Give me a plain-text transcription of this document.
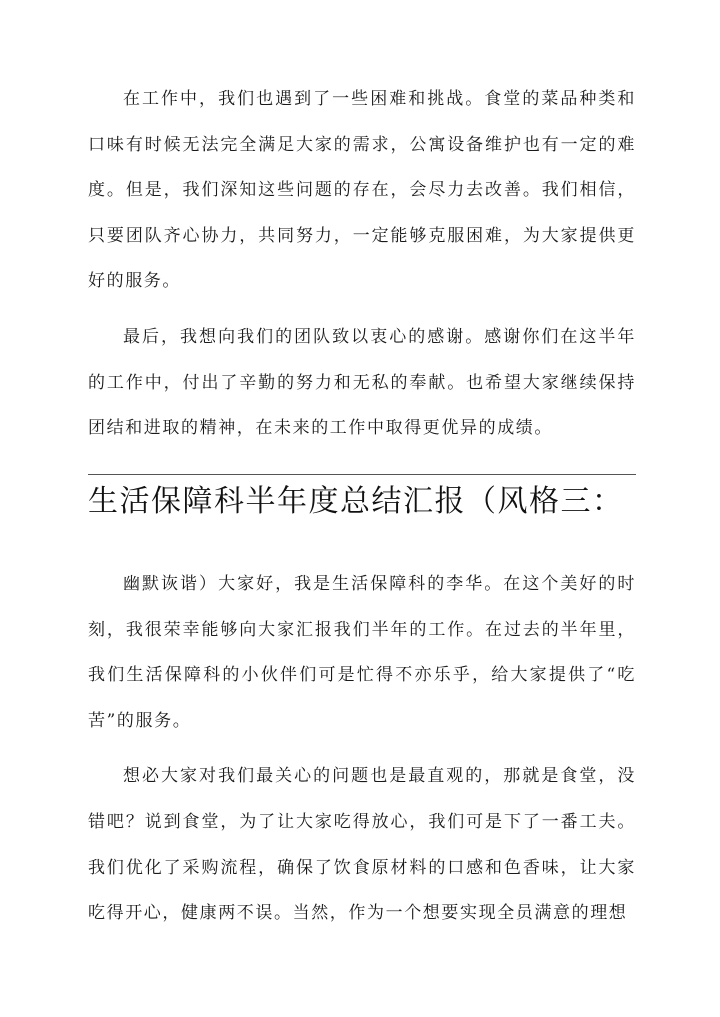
在工作中，我们也遇到了一些困难和挑战。食堂的菜品种类和口味有时候无法完全满足大家的需求，公寓设备维护也有一定的难度。但是，我们深知这些问题的存在，会尽力去改善。我们相信，只要团队齐心协力，共同努力，一定能够克服困难，为大家提供更好的服务。

最后，我想向我们的团队致以衷心的感谢。感谢你们在这半年的工作中，付出了辛勤的努力和无私的奉献。也希望大家继续保持团结和进取的精神，在未来的工作中取得更优异的成绩。

生活保障科半年度总结汇报（风格三：

幽默诙谐）大家好，我是生活保障科的李华。在这个美好的时刻，我很荣幸能够向大家汇报我们半年的工作。在过去的半年里，我们生活保障科的小伙伴们可是忙得不亦乐乎，给大家提供了“吃苦”的服务。

想必大家对我们最关心的问题也是最直观的，那就是食堂，没错吧？说到食堂，为了让大家吃得放心，我们可是下了一番工夫。我们优化了采购流程，确保了饮食原材料的口感和色香味，让大家吃得开心，健康两不误。当然，作为一个想要实现全员满意的理想
